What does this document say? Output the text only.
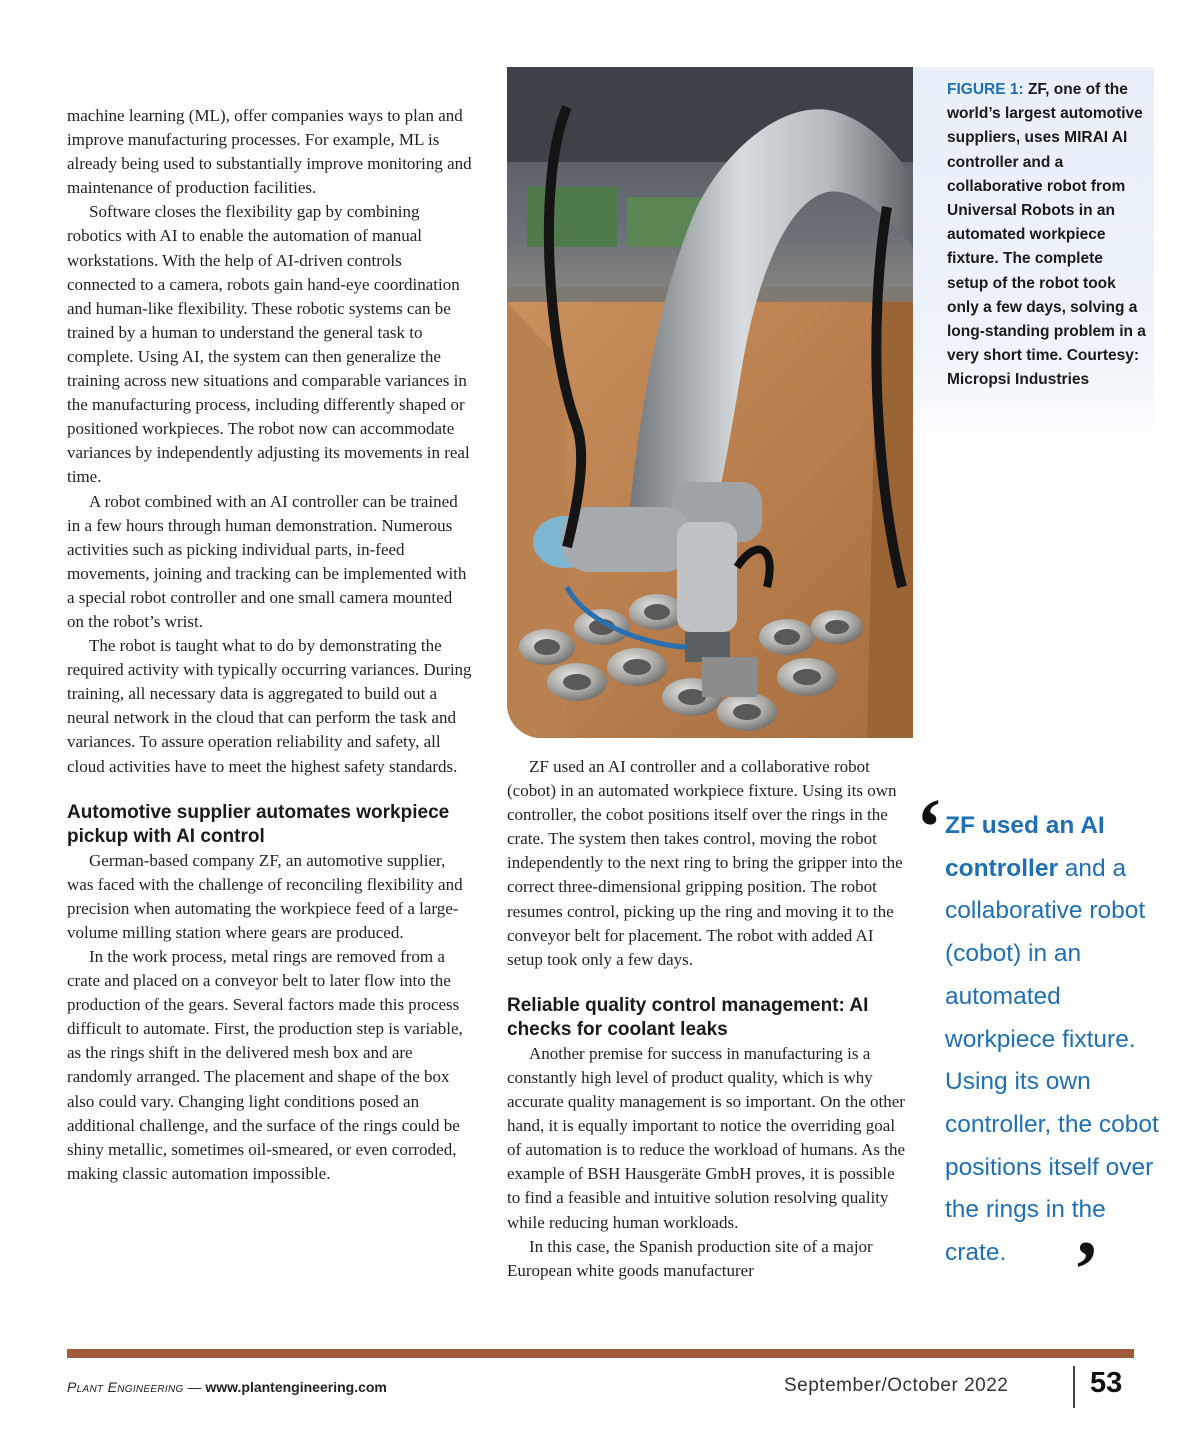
machine learning (ML), offer companies ways to plan and improve manufacturing processes. For example, ML is already being used to substantially improve monitoring and maintenance of production facilities.

Software closes the flexibility gap by combining robotics with AI to enable the automation of manual workstations. With the help of AI-driven controls connected to a camera, robots gain hand-eye coordination and human-like flexibility. These robotic systems can be trained by a human to understand the general task to complete. Using AI, the system can then generalize the training across new situations and comparable variances in the manufacturing process, including differently shaped or positioned workpieces. The robot now can accommodate variances by independently adjusting its movements in real time.

A robot combined with an AI controller can be trained in a few hours through human demonstration. Numerous activities such as picking individual parts, in-feed movements, joining and tracking can be implemented with a special robot controller and one small camera mounted on the robot’s wrist.

The robot is taught what to do by demonstrating the required activity with typically occurring variances. During training, all necessary data is aggregated to build out a neural network in the cloud that can perform the task and variances. To assure operation reliability and safety, all cloud activities have to meet the highest safety standards.

Automotive supplier automates workpiece pickup with AI control

German-based company ZF, an automotive supplier, was faced with the challenge of reconciling flexibility and precision when automating the workpiece feed of a large-volume milling station where gears are produced.

In the work process, metal rings are removed from a crate and placed on a conveyor belt to later flow into the production of the gears. Several factors made this process difficult to automate. First, the production step is variable, as the rings shift in the delivered mesh box and are randomly arranged. The placement and shape of the box also could vary. Changing light conditions posed an additional challenge, and the surface of the rings could be shiny metallic, sometimes oil-smeared, or even corroded, making classic automation impossible.

FIGURE 1: ZF, one of the world’s largest automotive suppliers, uses MIRAI AI controller and a collaborative robot from Universal Robots in an automated workpiece fixture. The complete setup of the robot took only a few days, solving a long-standing problem in a very short time. Courtesy: Micropsi Industries

ZF used an AI controller and a collaborative robot (cobot) in an automated workpiece fixture. Using its own controller, the cobot positions itself over the rings in the crate. The system then takes control, moving the robot independently to the next ring to bring the gripper into the correct three-dimensional gripping position. The robot resumes control, picking up the ring and moving it to the conveyor belt for placement. The robot with added AI setup took only a few days.

Reliable quality control management: AI checks for coolant leaks

Another premise for success in manufacturing is a constantly high level of product quality, which is why accurate quality management is so important. On the other hand, it is equally important to notice the overriding goal of automation is to reduce the workload of humans. As the example of BSH Hausgeräte GmbH proves, it is possible to find a feasible and intuitive solution resolving quality while reducing human workloads.

In this case, the Spanish production site of a major European white goods manufacturer

‘ ZF used an AI controller and a collaborative robot (cobot) in an automated workpiece fixture. Using its own controller, the cobot positions itself over the rings in the crate. ’
Plant Engineering — www.plantengineering.com	September/October 2022	53
